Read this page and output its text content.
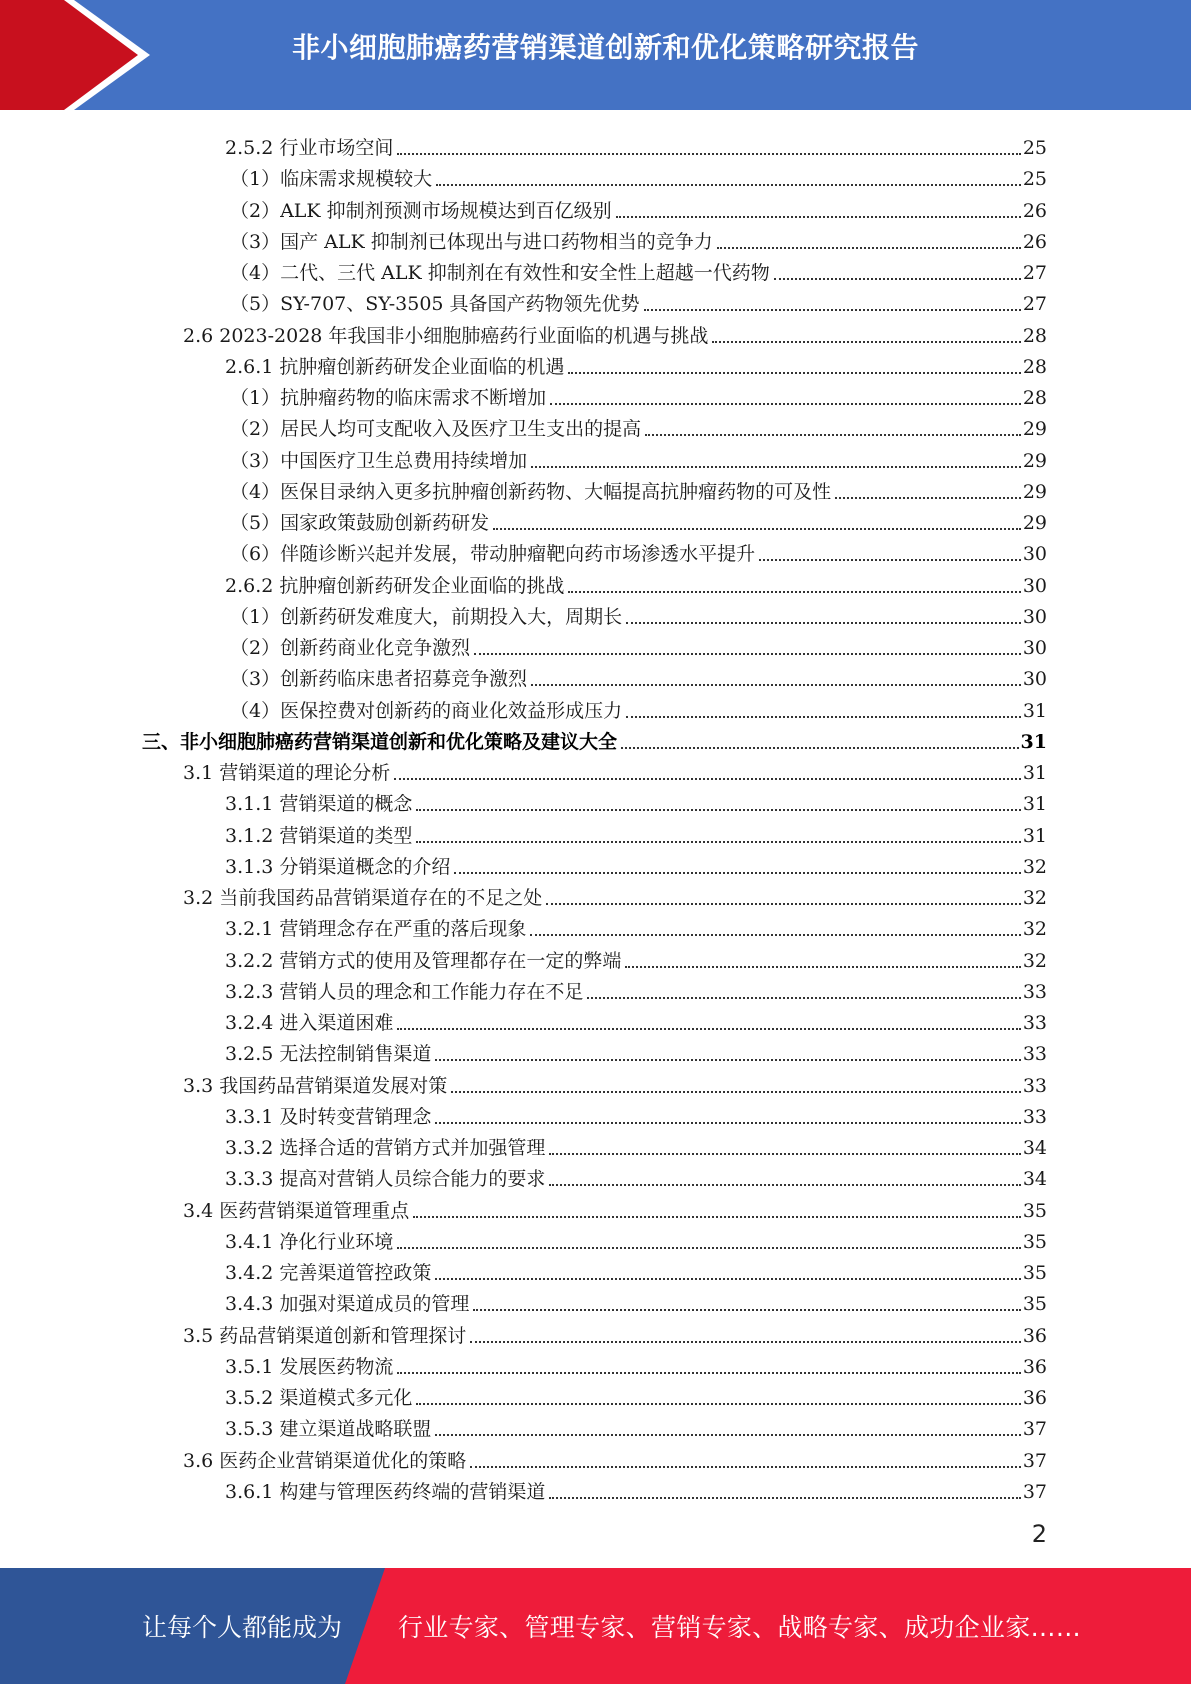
非小细胞肺癌药营销渠道创新和优化策略研究报告
2.5.2 行业市场空间	25
（1）临床需求规模较大	25
（2）ALK 抑制剂预测市场规模达到百亿级别	26
（3）国产 ALK 抑制剂已体现出与进口药物相当的竞争力	26
（4）二代、三代 ALK 抑制剂在有效性和安全性上超越一代药物	27
（5）SY-707、SY-3505 具备国产药物领先优势	27
2.6 2023-2028 年我国非小细胞肺癌药行业面临的机遇与挑战	28
2.6.1 抗肿瘤创新药研发企业面临的机遇	28
（1）抗肿瘤药物的临床需求不断增加	28
（2）居民人均可支配收入及医疗卫生支出的提高	29
（3）中国医疗卫生总费用持续增加	29
（4）医保目录纳入更多抗肿瘤创新药物、大幅提高抗肿瘤药物的可及性	29
（5）国家政策鼓励创新药研发	29
（6）伴随诊断兴起并发展，带动肿瘤靶向药市场渗透水平提升	30
2.6.2 抗肿瘤创新药研发企业面临的挑战	30
（1）创新药研发难度大，前期投入大，周期长	30
（2）创新药商业化竞争激烈	30
（3）创新药临床患者招募竞争激烈	30
（4）医保控费对创新药的商业化效益形成压力	31
三、非小细胞肺癌药营销渠道创新和优化策略及建议大全	31
3.1 营销渠道的理论分析	31
3.1.1 营销渠道的概念	31
3.1.2 营销渠道的类型	31
3.1.3 分销渠道概念的介绍	32
3.2 当前我国药品营销渠道存在的不足之处	32
3.2.1 营销理念存在严重的落后现象	32
3.2.2 营销方式的使用及管理都存在一定的弊端	32
3.2.3 营销人员的理念和工作能力存在不足	33
3.2.4 进入渠道困难	33
3.2.5 无法控制销售渠道	33
3.3 我国药品营销渠道发展对策	33
3.3.1 及时转变营销理念	33
3.3.2 选择合适的营销方式并加强管理	34
3.3.3 提高对营销人员综合能力的要求	34
3.4 医药营销渠道管理重点	35
3.4.1 净化行业环境	35
3.4.2 完善渠道管控政策	35
3.4.3 加强对渠道成员的管理	35
3.5 药品营销渠道创新和管理探讨	36
3.5.1 发展医药物流	36
3.5.2 渠道模式多元化	36
3.5.3 建立渠道战略联盟	37
3.6 医药企业营销渠道优化的策略	37
3.6.1 构建与管理医药终端的营销渠道	37
2
让每个人都能成为 行业专家、管理专家、营销专家、战略专家、成功企业家……
